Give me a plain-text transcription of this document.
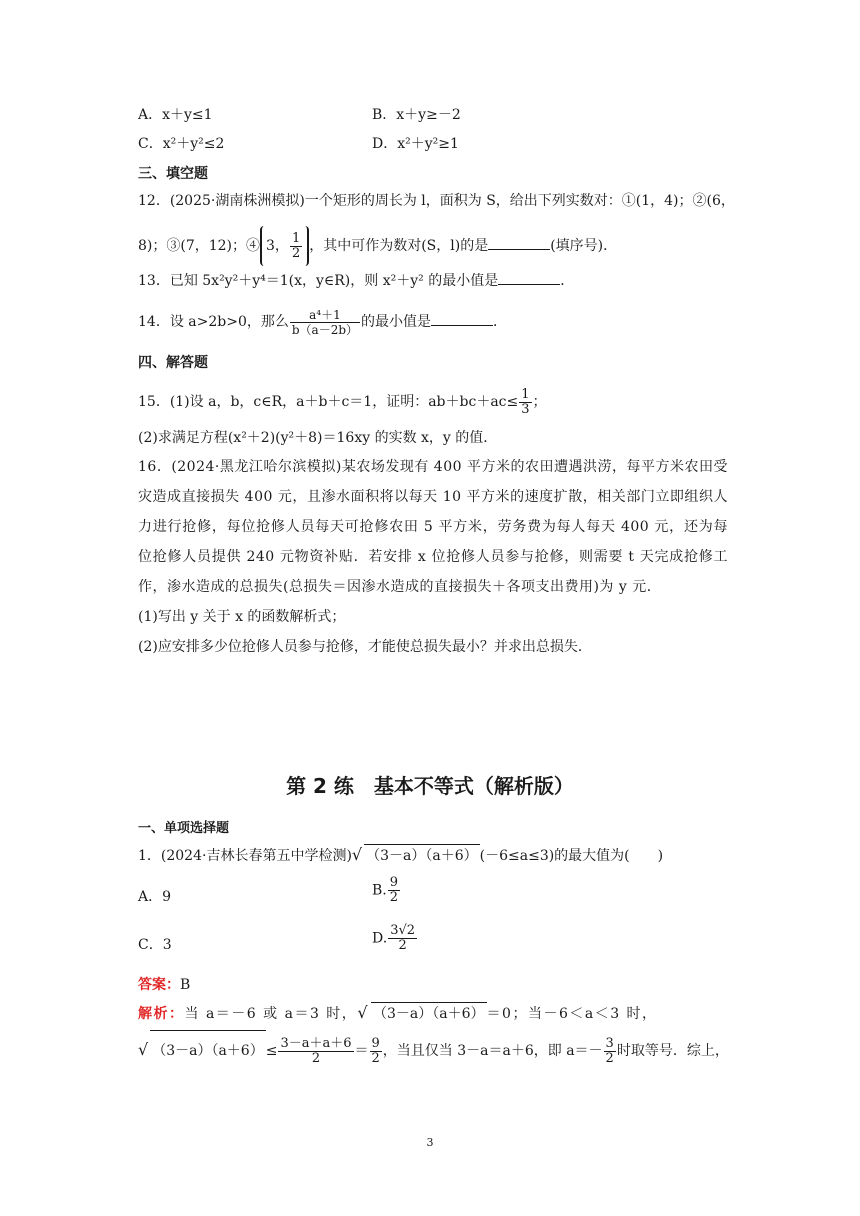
A．x＋y≤1	B．x＋y≥－2
C．x²＋y²≤2	D．x²＋y²≥1
三、填空题
12．(2025·湖南株洲模拟)一个矩形的周长为 l，面积为 S，给出下列实数对：①(1，4)；②(6，
8)；③(7，12)；④ 3， $\frac{1}{2}$ ，其中可作为数对(S，l)的是	(填序号)．
13．已知 5x²y²＋y⁴＝1(x，y∈R)，则 x²＋y² 的最小值是	．
14．设 a>2b>0，那么 $\frac{\text{a⁴＋1}}{b(a-2b)}$ 的最小值是	．
四、解答题
15．(1)设 a，b，c∈R，a＋b＋c＝1，证明：$ab+bc+ac\le \frac{1}{3}$ ；
(2)求满足方程(x²＋2)(y²＋8)＝16xy 的实数 x，y 的值．
16．(2024·黑龙江哈尔滨模拟)某农场发现有 400 平方米的农田遭遇洪涝，每平方米农田受灾造成直接损失 400 元，且渗水面积将以每天 10 平方米的速度扩散，相关部门立即组织人力进行抢修，每位抢修人员每天可抢修农田 5 平方米，劳务费为每人每天 400 元，还为每位抢修人员提供 240 元物资补贴．若安排 x 位抢修人员参与抢修，则需要 t 天完成抢修工作，渗水造成的总损失(总损失＝因渗水造成的直接损失＋各项支出费用)为 y 元．
(1)写出 y 关于 x 的函数解析式；
(2)应安排多少位抢修人员参与抢修，才能使总损失最小？并求出总损失．
第 2 练　基本不等式（解析版）
一、单项选择题
1．(2024·吉林长春第五中学检测)√ （3－a）（a＋6） (－6≤a≤3)的最大值为(　　)
A．9	B. $\frac{9}{2}$
C．3	D. $\frac{3√2}{2}$
答案：B
解析：当 a＝－6 或 a＝3 时，√ （3－a）（a＋6） ＝0；当－6＜a＜3 时，
√ $(3-a)(a+6) \le \frac{3-a+a+6}{2} = \frac{9}{2}$ ，当且仅当 3－a＝a＋6，即 $a=- \frac{3}{2}$ 时取等号．综上，
3
